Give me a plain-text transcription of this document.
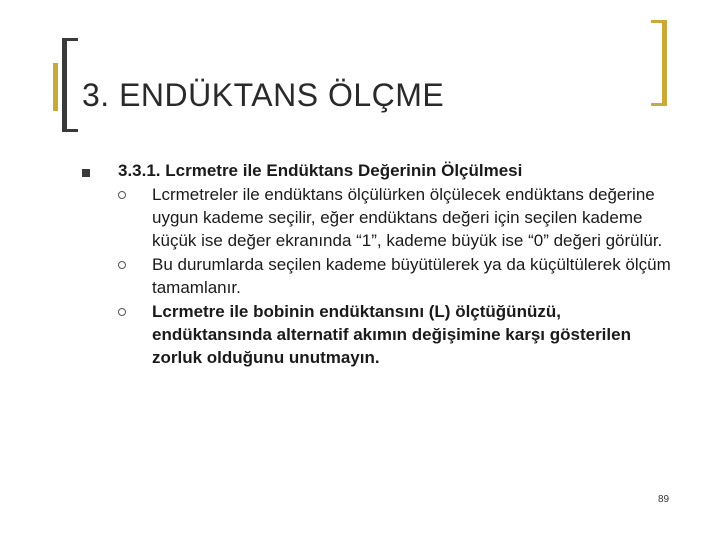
3. ENDÜKTANS ÖLÇME
3.3.1. Lcrmetre ile Endüktans Değerinin Ölçülmesi
Lcrmetreler ile endüktans ölçülürken ölçülecek endüktans değerine uygun kademe seçilir, eğer endüktans değeri için seçilen kademe küçük ise değer ekranında “1”, kademe büyük ise “0” değeri görülür.
Bu durumlarda seçilen kademe büyütülerek ya da küçültülerek ölçüm tamamlanır.
Lcrmetre ile bobinin endüktansını (L) ölçtüğünüzü, endüktansında alternatif akımın değişimine karşı gösterilen zorluk olduğunu unutmayın.
89
